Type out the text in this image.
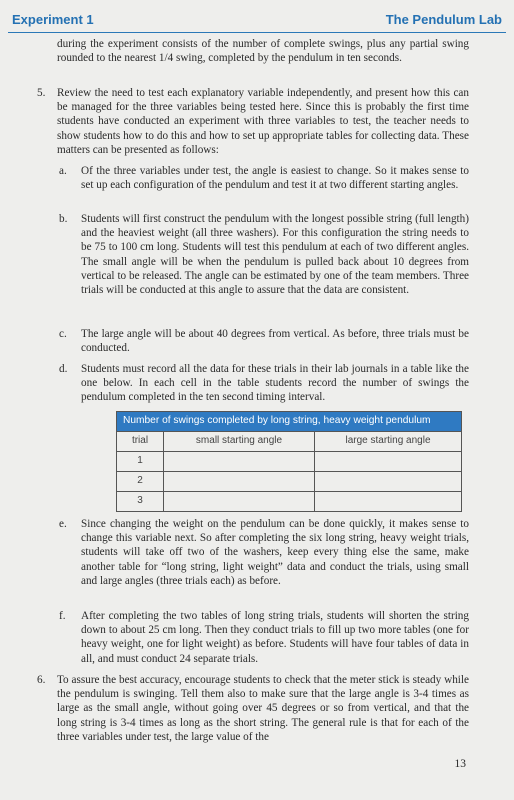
Experiment 1	The Pendulum Lab

during the experiment consists of the number of complete swings, plus any partial swing rounded to the nearest 1/4 swing, completed by the pendulum in ten seconds.

5. Review the need to test each explanatory variable independently, and present how this can be managed for the three variables being tested here. Since this is probably the first time students have conducted an experiment with three variables to test, the teacher needs to show students how to do this and how to set up appropriate tables for collecting data. These matters can be presented as follows:

a. Of the three variables under test, the angle is easiest to change. So it makes sense to set up each configuration of the pendulum and test it at two different starting angles.

b. Students will first construct the pendulum with the longest possible string (full length) and the heaviest weight (all three washers). For this configuration the string needs to be 75 to 100 cm long. Students will test this pendulum at each of two different angles. The small angle will be when the pendulum is pulled back about 10 degrees from vertical to be released. The angle can be estimated by one of the team members. Three trials will be conducted at this angle to assure that the data are consistent.

c. The large angle will be about 40 degrees from vertical. As before, three trials must be conducted.

d. Students must record all the data for these trials in their lab journals in a table like the one below. In each cell in the table students record the number of swings the pendulum completed in the ten second timing interval.

Number of swings completed by long string, heavy weight pendulum		
trial	small starting angle	large starting angle
1		
2		
3		
e. Since changing the weight on the pendulum can be done quickly, it makes sense to change this variable next. So after completing the six long string, heavy weight trials, students will take off two of the washers, keep every thing else the same, make another table for “long string, light weight” data and conduct the trials, using small and large angles (three trials each) as before.

f. After completing the two tables of long string trials, students will shorten the string down to about 25 cm long. Then they conduct trials to fill up two more tables (one for heavy weight, one for light weight) as before. Students will have four tables of data in all, and must conduct 24 separate trials.

6. To assure the best accuracy, encourage students to check that the meter stick is steady while the pendulum is swinging. Tell them also to make sure that the large angle is 3-4 times as large as the small angle, without going over 45 degrees or so from vertical, and that the long string is 3-4 times as long as the short string. The general rule is that for each of the three variables under test, the large value of the

13
